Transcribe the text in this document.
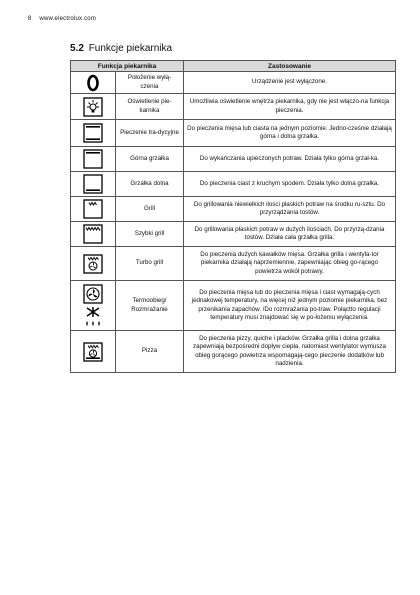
8 www.electrolux.com
5.2 Funkcje piekarnika
Funkcja piekarnika		Zastosowanie

	Położenie wyłą-czenia	Urządzenie jest wyłączone.

	Oświetlenie pie-karnika	Umożliwia oświetlenie wnętrza piekarnika, gdy nie jest włączo-na funkcja pieczenia.

	Pieczenie tra-dycyjne	Do pieczenia mięsa lub ciasta na jednym poziomie. Jedno-cześnie działają górna i dolna grzałka.

	Górna grzałka	Do wykańczania upieczonych potraw. Działa tylko górna grzał-ka.

	Grzałka dolna	Do pieczenia ciast z kruchym spodem. Działa tylko dolna grzałka.

	Grill	Do grillowania niewielkich ilości płaskich potraw na środku ru-sztu. Do przyrządzania tostów.

	Szybki grill	Do grillowania płaskich potraw w dużych ilościach. Do przyrzą-dzania tostów. Działa cała grzałka grilla.

	Turbo grill	Do pieczenia dużych kawałków mięsa. Grzałka grilla i wentyla-tor piekarnika działają naprzemiennie, zapewniając obieg go-rącego powietrza wokół potrawy.

	Termoobieg/ Rozmrażanie	Do pieczenia mięsa lub do pieczenia mięsa i ciast wymagają-cych jednakowej temperatury, na więcej niż jednym poziomie piekarnika, bez przenikania zapachów. /Do rozmrażania po-traw. Połąctto regulacji temperatury musi znajdować się w po-łożeniu wyłączenia.

	Pizza	Do pieczenia pizzy, quiche i placków. Grzałka grilla i dolna grzałka zapewniają bezpośredni dopływ ciepła, natomiast wentylator wymusza obieg gorącego powietrza wspomagają-cego pieczenie dodatków lub nadzienia.
